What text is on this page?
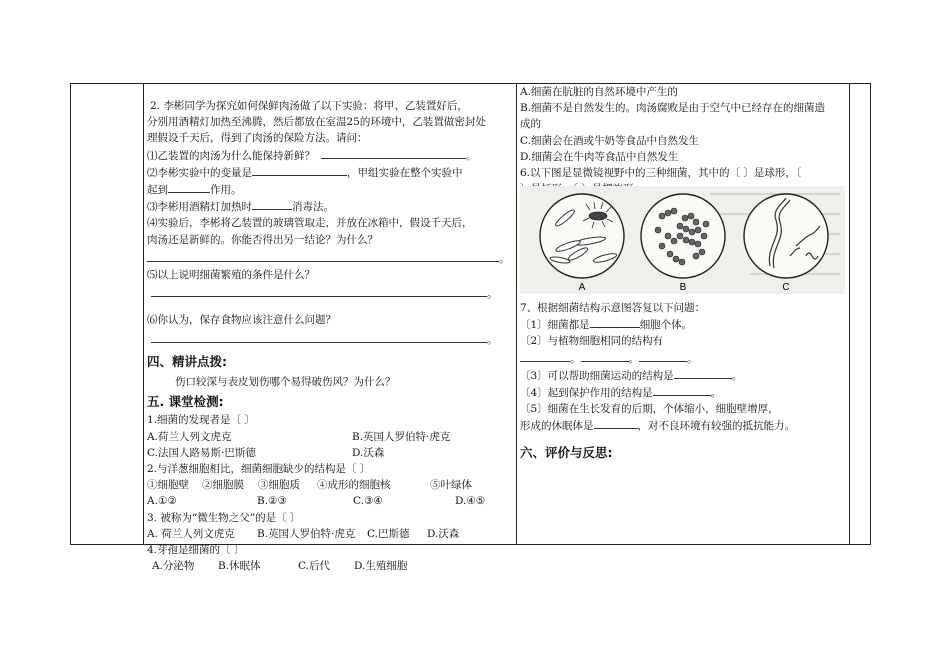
2. 李彬同学为探究如何保鲜肉汤做了以下实验：将甲、乙装置好后，

分别用酒精灯加热至沸腾，然后都放在室温25的环境中，乙装置做密封处

理假设千天后，得到了肉汤的保险方法。请问：

⑴乙装置的肉汤为什么能保持新鲜？	。

⑵李彬实验中的变量是	，甲组实验在整个实验中

起到	作用。

⑶李彬用酒精灯加热时	消毒法。

⑷实验后，李彬将乙装置的玻璃管取走，并放在冰箱中，假设千天后，

肉汤还是新鲜的。你能否得出另一结论？为什么？

。

⑸以上说明细菌繁殖的条件是什么？

。

⑹你认为，保存食物应该注意什么问题？

。

四、精讲点拨:

伤口较深与表皮划伤哪个易得破伤风？为什么？

五. 课堂检测:

1.细菌的发现者是〔 〕

A.荷兰人列文虎克	B.英国人罗伯特·虎克
C.法国人路易斯·巴斯德	D.沃森

2.与洋葱细胞相比，细菌细胞缺少的结构是〔 〕

①细胞壁	②细胞膜	③细胞质	④成形的细胞核	⑤叶绿体
A.①②	B.②③	C.③④	D.④⑤

3. 被称为“微生物之父”的是〔 〕

A. 荷兰人列文虎克	B.英国人罗伯特·虎克	C.巴斯德	D.沃森

4.芽孢是细菌的〔 〕

A.分泌物	B.休眠体	C.后代	D.生殖细胞

A.细菌在肮脏的自然环境中产生的

B.细菌不是自然发生的。肉汤腐败是由于空气中已经存在的细菌造

成的

C.细菌会在酒或牛奶等食品中自然发生

D.细菌会在牛肉等食品中自然发生

6.以下图是显微镜视野中的三种细菌，其中的〔 〕是球形，〔

A	B	C

7、根据细菌结构示意图答复以下问题：

〔1〕细菌都是	细胞个体。

〔2〕与植物细胞相同的结构有

。	。	。

〔3〕可以帮助细菌运动的结构是	。

〔4〕起到保护作用的结构是	。

〔5〕细菌在生长发育的后期，个体缩小，细胞壁增厚，

形成的休眠体是	，对不良环境有较强的抵抗能力。

六、评价与反思:
